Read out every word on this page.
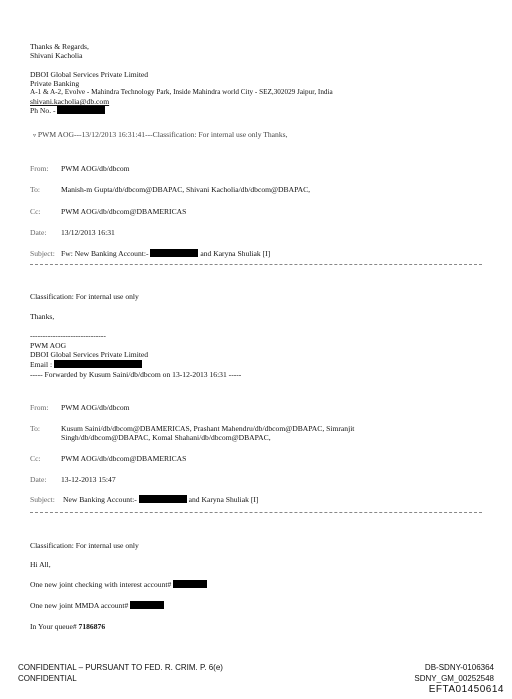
Thanks & Regards,
Shivani Kacholia
DBOI Global Services Private Limited
Private Banking
A-1 & A-2, Evolve - Mahindra Technology Park, Inside Mahindra world City - SEZ,302029 Jaipur, India
shivani.kacholia@db.com
Ph No. -
▿ PWM AOG---13/12/2013 16:31:41---Classification: For internal use only Thanks,
From: PWM AOG/db/dbcom
To:	Manish-m Gupta/db/dbcom@DBAPAC, Shivani Kacholia/db/dbcom@DBAPAC,
Cc:	PWM AOG/db/dbcom@DBAMERICAS
Date: 13/12/2013 16:31
Subject: Fw: New Banking Account:-	and Karyna Shuliak [I]
Classification: For internal use only
Thanks,
------------------------------
PWM AOG
DBOI Global Services Private Limited
Email :
----- Forwarded by Kusum Saini/db/dbcom on 13-12-2013 16:31 -----
From: PWM AOG/db/dbcom
To:	Kusum Saini/db/dbcom@DBAMERICAS, Prashant Mahendru/db/dbcom@DBAPAC, Simranjit
Singh/db/dbcom@DBAPAC, Komal Shahani/db/dbcom@DBAPAC,
Cc:	PWM AOG/db/dbcom@DBAMERICAS
Date: 13-12-2013 15:47
Subject: New Banking Account:-	and Karyna Shuliak [I]
Classification: For internal use only
Hi All,
One new joint checking with interest account#
One new joint MMDA account#
In Your queue# 7186876
CONFIDENTIAL – PURSUANT TO FED. R. CRIM. P. 6(e)
CONFIDENTIAL
DB-SDNY-0106364
SDNY_GM_00252548
EFTA01450614
